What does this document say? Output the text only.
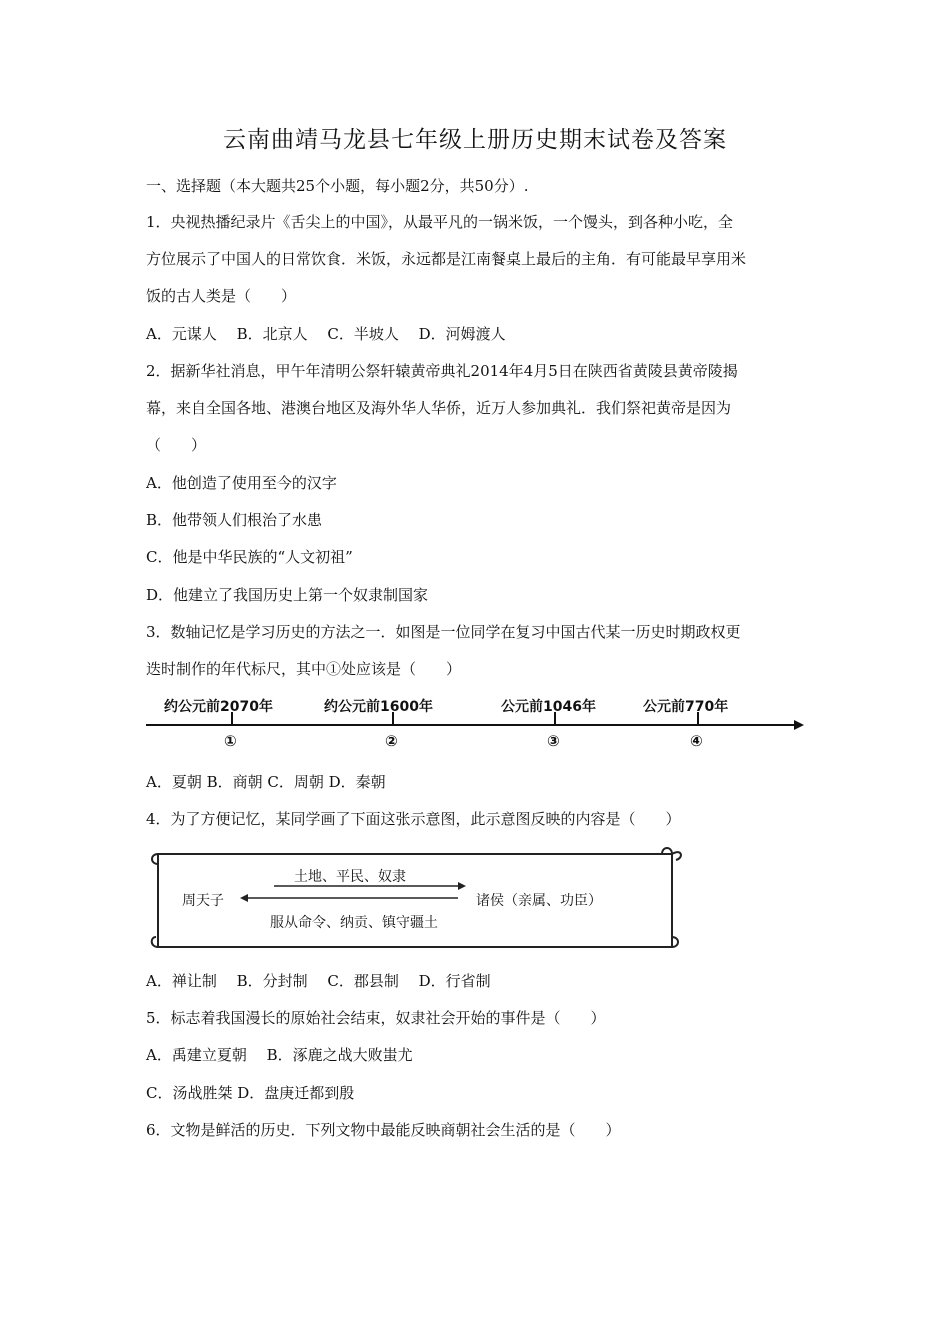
云南曲靖马龙县七年级上册历史期末试卷及答案
一、选择题（本大题共25个小题，每小题2分，共50分）.
1．央视热播纪录片《舌尖上的中国》，从最平凡的一锅米饭，一个馒头，到各种小吃，全
方位展示了中国人的日常饮食．米饭，永远都是江南餐桌上最后的主角．有可能最早享用米
饭的古人类是（　　）
A．元谋人　 B．北京人　 C．半坡人　 D．河姆渡人
2．据新华社消息，甲午年清明公祭轩辕黄帝典礼2014年4月5日在陕西省黄陵县黄帝陵揭
幕，来自全国各地、港澳台地区及海外华人华侨，近万人参加典礼．我们祭祀黄帝是因为
（　　）
A．他创造了使用至今的汉字
B．他带领人们根治了水患
C．他是中华民族的“人文初祖”
D．他建立了我国历史上第一个奴隶制国家
3．数轴记忆是学习历史的方法之一．如图是一位同学在复习中国古代某一历史时期政权更
迭时制作的年代标尺，其中①处应该是（　　）
约公元前2070年	约公元前1600年	公元前1046年	公元前770年
①	②	③	④
A．夏朝 B．商朝 C．周朝 D．秦朝
4．为了方便记忆，某同学画了下面这张示意图，此示意图反映的内容是（　　）
土地、平民、奴隶
周天子	诸侯（亲属、功臣）
服从命令、纳贡、镇守疆土
A．禅让制　 B．分封制　 C．郡县制　 D．行省制
5．标志着我国漫长的原始社会结束，奴隶社会开始的事件是（　　）
A．禹建立夏朝　 B．涿鹿之战大败蚩尤
C．汤战胜桀 D．盘庚迁都到殷
6．文物是鲜活的历史．下列文物中最能反映商朝社会生活的是（　　）
